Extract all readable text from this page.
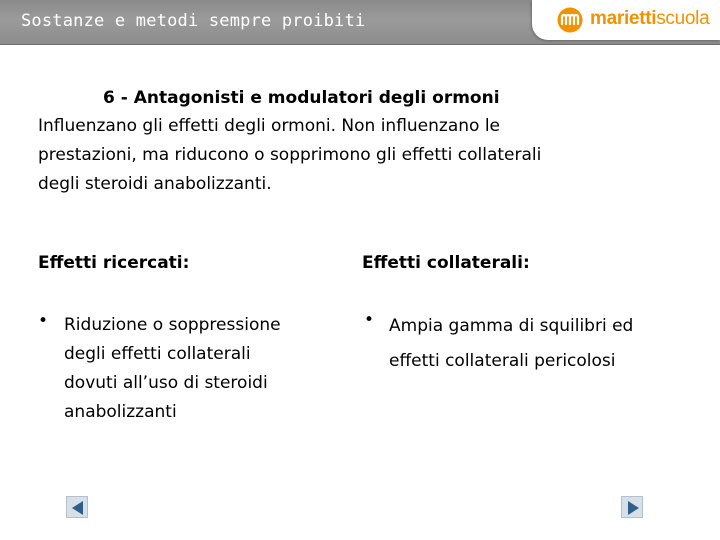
Sostanze e metodi sempre proibiti	mariettiscuola
6 - Antagonisti e modulatori degli ormoni
Influenzano gli effetti degli ormoni. Non influenzano le
prestazioni, ma riducono o sopprimono gli effetti collaterali
degli steroidi anabolizzanti.
Effetti ricercati:	Effetti collaterali:
• Riduzione o soppressione
degli effetti collaterali
dovuti all’uso di steroidi
anabolizzanti
• Ampia gamma di squilibri ed
effetti collaterali pericolosi
